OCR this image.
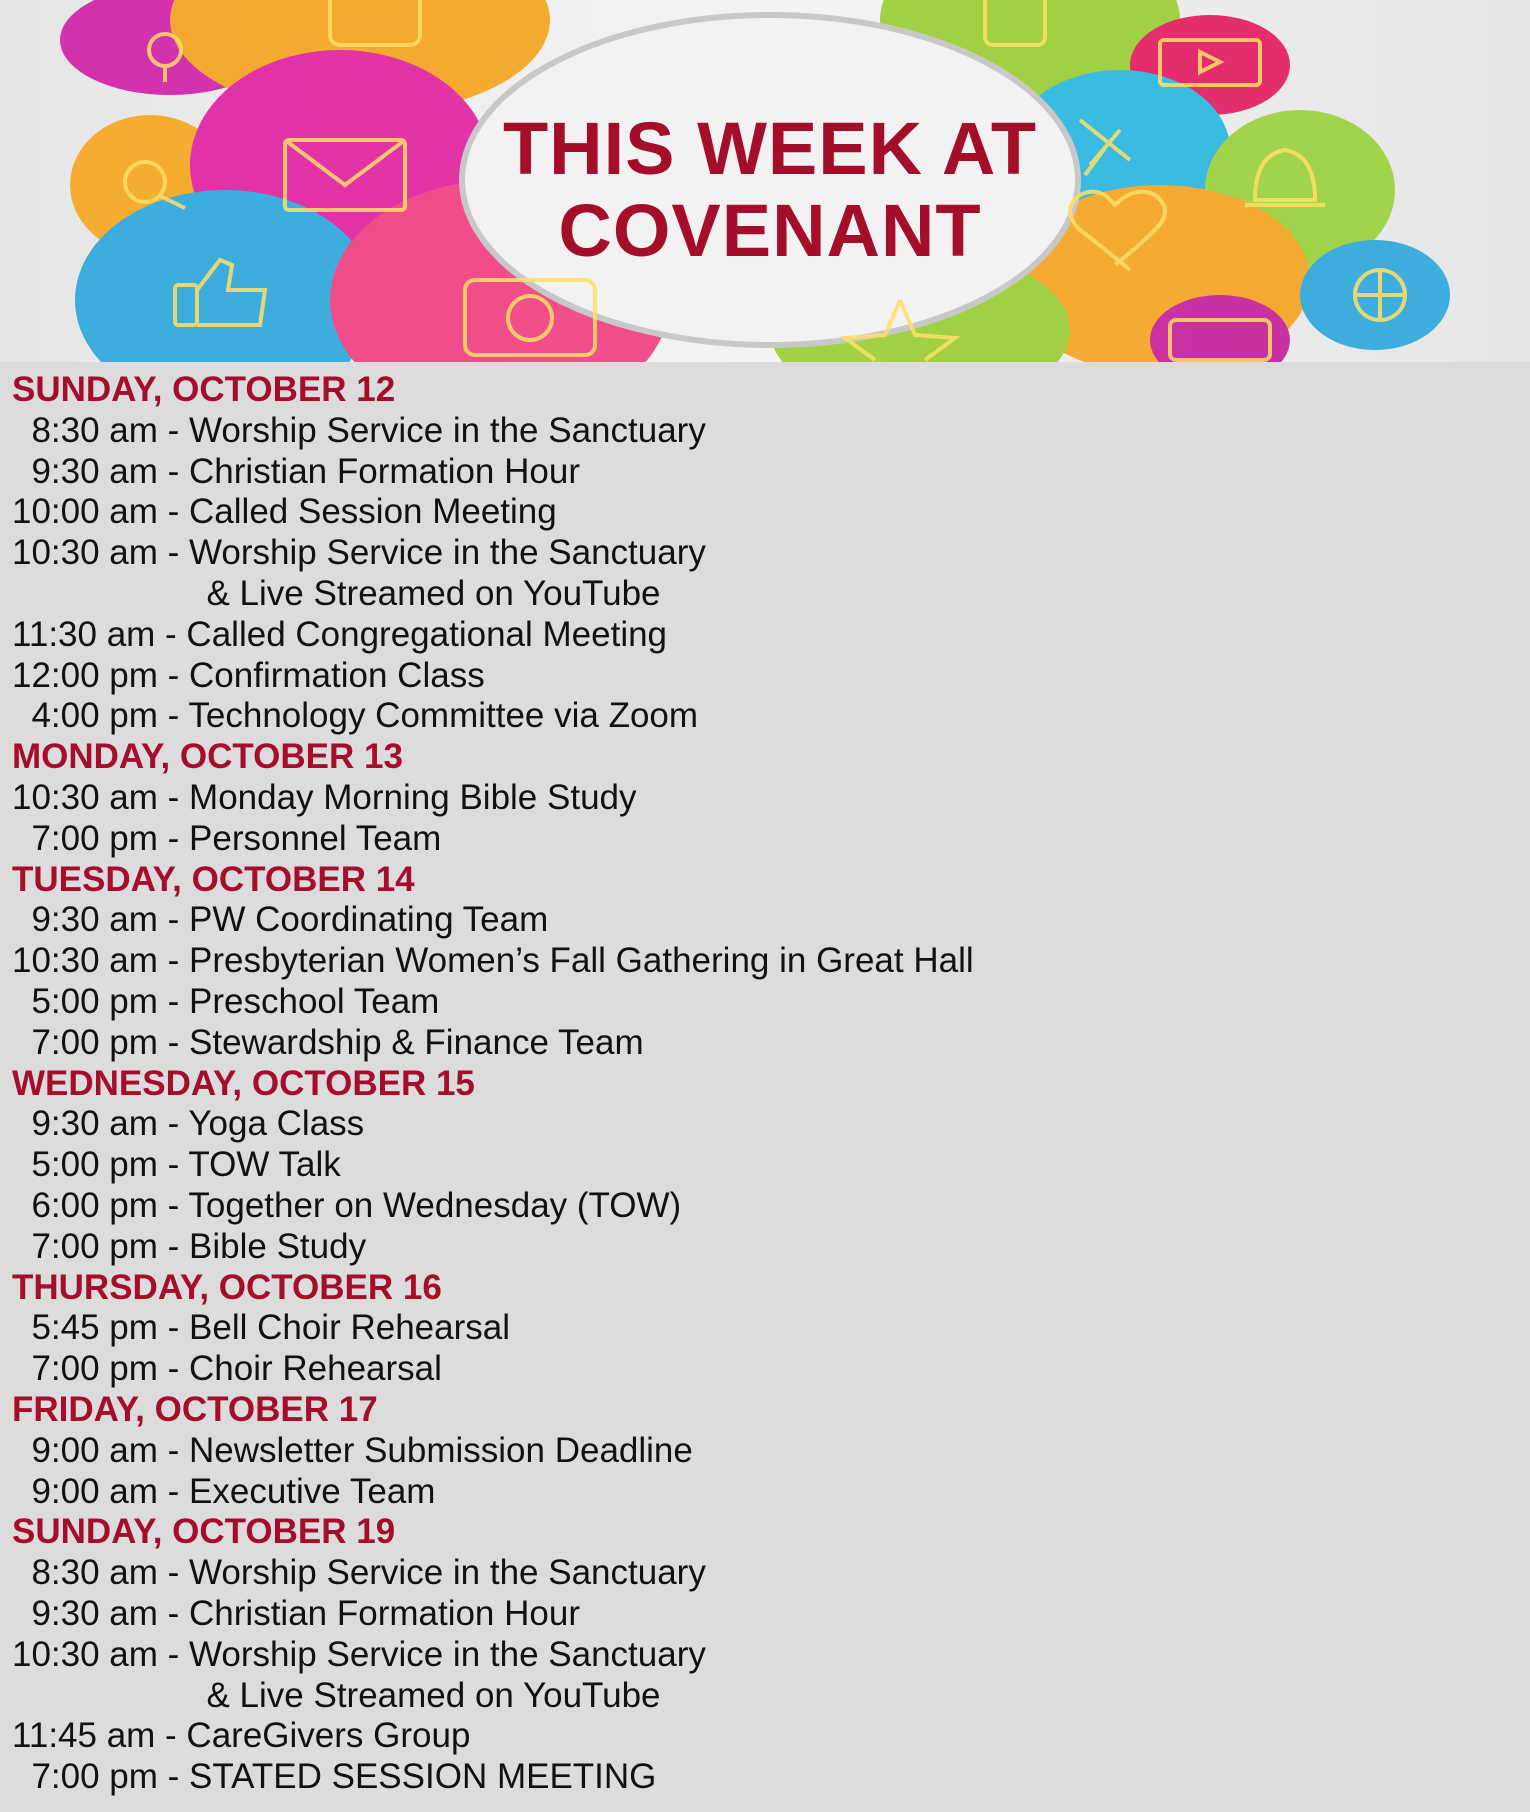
THIS WEEK AT
COVENANT
SUNDAY, OCTOBER 12
8:30 am - Worship Service in the Sanctuary
9:30 am - Christian Formation Hour
10:00 am - Called Session Meeting
10:30 am - Worship Service in the Sanctuary
& Live Streamed on YouTube
11:30 am - Called Congregational Meeting
12:00 pm - Confirmation Class
4:00 pm - Technology Committee via Zoom
MONDAY, OCTOBER 13
10:30 am - Monday Morning Bible Study
7:00 pm - Personnel Team
TUESDAY, OCTOBER 14
9:30 am - PW Coordinating Team
10:30 am - Presbyterian Women’s Fall Gathering in Great Hall
5:00 pm - Preschool Team
7:00 pm - Stewardship & Finance Team
WEDNESDAY, OCTOBER 15
9:30 am - Yoga Class
5:00 pm - TOW Talk
6:00 pm - Together on Wednesday (TOW)
7:00 pm - Bible Study
THURSDAY, OCTOBER 16
5:45 pm - Bell Choir Rehearsal
7:00 pm - Choir Rehearsal
FRIDAY, OCTOBER 17
9:00 am - Newsletter Submission Deadline
9:00 am - Executive Team
SUNDAY, OCTOBER 19
8:30 am - Worship Service in the Sanctuary
9:30 am - Christian Formation Hour
10:30 am - Worship Service in the Sanctuary
& Live Streamed on YouTube
11:45 am - CareGivers Group
7:00 pm - STATED SESSION MEETING
